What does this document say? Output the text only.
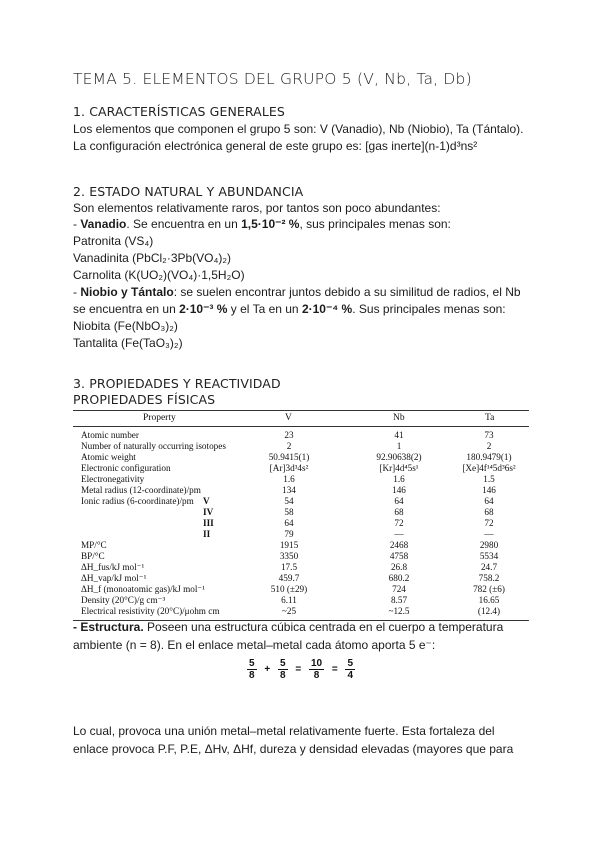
TEMA 5. ELEMENTOS DEL GRUPO 5 (V, Nb, Ta, Db)
1. CARACTERÍSTICAS GENERALES
Los elementos que componen el grupo 5 son: V (Vanadio), Nb (Niobio), Ta (Tántalo).
La configuración electrónica general de este grupo es: [gas inerte](n-1)d³ns²
2. ESTADO NATURAL Y ABUNDANCIA
Son elementos relativamente raros, por tantos son poco abundantes:
- Vanadio. Se encuentra en un 1,5·10⁻² %, sus principales menas son:
Patronita (VS₄)
Vanadinita (PbCl₂·3Pb(VO₄)₂)
Carnolita (K(UO₂)(VO₄)·1,5H₂O)
- Niobio y Tántalo: se suelen encontrar juntos debido a su similitud de radios, el Nb
se encuentra en un 2·10⁻³ % y el Ta en un 2·10⁻⁴ %. Sus principales menas son:
Niobita (Fe(NbO₃)₂)
Tantalita (Fe(TaO₃)₂)
3. PROPIEDADES Y REACTIVIDAD
PROPIEDADES FÍSICAS
Property	V	Nb	Ta
Atomic number	23	41	73
Number of naturally occurring isotopes	2	1	2
Atomic weight	50.9415(1)	92.90638(2)	180.9479(1)
Electronic configuration	[Ar]3d³4s²	[Kr]4d⁴5s¹	[Xe]4f¹⁴5d³6s²
Electronegativity	1.6	1.6	1.5
Metal radius (12-coordinate)/pm	134	146	146
Ionic radius (6-coordinate)/pm V	54	64	64
IV	58	68	68
III	64	72	72
II	79	—	—
MP/°C	1915	2468	2980
BP/°C	3350	4758	5534
ΔH_fus/kJ mol⁻¹	17.5	26.8	24.7
ΔH_vap/kJ mol⁻¹	459.7	680.2	758.2
ΔH_f (monoatomic gas)/kJ mol⁻¹	510 (±29)	724	782 (±6)
Density (20°C)/g cm⁻³	6.11	8.57	16.65
Electrical resistivity (20°C)/μohm cm	~25	~12.5	(12.4)
- Estructura. Poseen una estructura cúbica centrada en el cuerpo a temperatura
ambiente (n = 8). En el enlace metal–metal cada átomo aporta 5 e⁻:
$\frac{5}{8} + \frac{5}{8} = \frac{10}{8} = \frac{5}{4}$
Lo cual, provoca una unión metal–metal relativamente fuerte. Esta fortaleza del
enlace provoca P.F, P.E, ΔHv, ΔHf, dureza y densidad elevadas (mayores que para
